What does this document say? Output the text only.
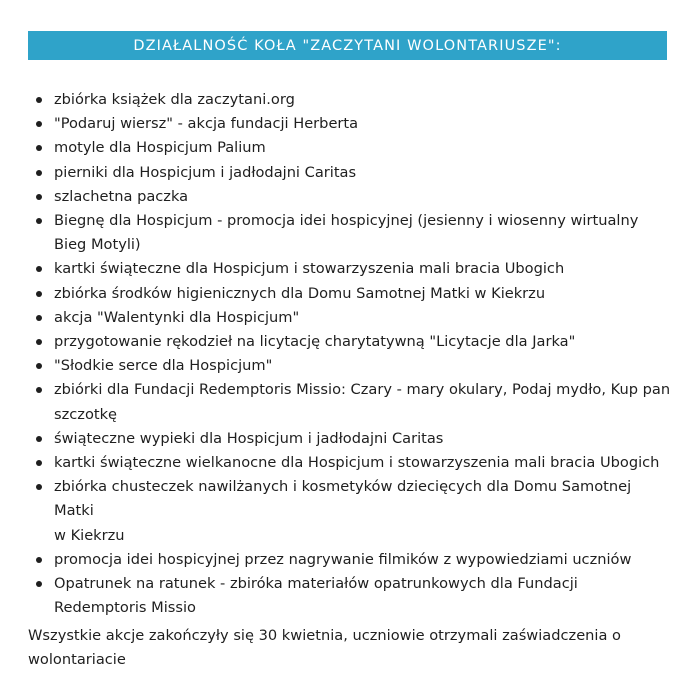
DZIAŁALNOŚĆ KOŁA "ZACZYTANI WOLONTARIUSZE":
zbiórka książek dla zaczytani.org
"Podaruj wiersz" - akcja fundacji Herberta
motyle dla Hospicjum Palium
pierniki dla Hospicjum i jadłodajni Caritas
szlachetna paczka
Biegnę dla Hospicjum - promocja idei hospicyjnej (jesienny i wiosenny wirtualny Bieg Motyli)
kartki świąteczne dla Hospicjum i stowarzyszenia mali bracia Ubogich
zbiórka środków higienicznych dla Domu Samotnej Matki w Kiekrzu
akcja "Walentynki dla Hospicjum"
przygotowanie rękodzieł na licytację charytatywną "Licytacje dla Jarka"
"Słodkie serce dla Hospicjum"
zbiórki dla Fundacji Redemptoris Missio: Czary - mary okulary, Podaj mydło, Kup pan szczotkę
świąteczne wypieki dla Hospicjum i jadłodajni Caritas
kartki świąteczne wielkanocne dla Hospicjum i stowarzyszenia mali bracia Ubogich
zbiórka chusteczek nawilżanych i kosmetyków dziecięcych dla Domu Samotnej Matki
w Kiekrzu
promocja idei hospicyjnej przez nagrywanie filmików z wypowiedziami uczniów
Opatrunek na ratunek - zbiróka materiałów opatrunkowych dla Fundacji Redemptoris Missio

Wszystkie akcje zakończyły się 30 kwietnia, uczniowie otrzymali zaświadczenia o wolontariacie
